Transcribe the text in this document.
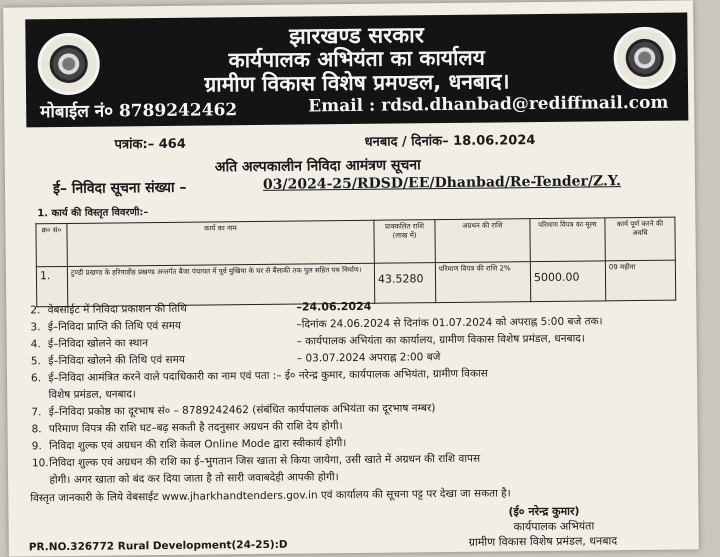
झारखण्ड सरकार
कार्यपालक अभियंता का कार्यालय
ग्रामीण विकास विशेष प्रमण्डल, धनबाद।
मोबाईल नं० 8789242462	Email : rdsd.dhanbad@rediffmail.com
पत्रांक:– 464	धनबाद / दिनांक– 18.06.2024
अति अल्पकालीन निविदा आमंत्रण सूचना
ई– निविदा सूचना संख्या –	03/2024-25/RDSD/EE/Dhanbad/Re-Tender/Z.Y.
1. कार्य की विस्तृत विवरणी:–
क्र० सं०	कार्य का नाम	प्राक्कलित राशि (लाख में)	अग्रधन की राशि	परिमाण विपत्र का मूल्य	कार्य पूर्ण करने की अवधि
1.	टुण्डी प्रखण्ड के हरियाडीह प्रखण्ड अन्तर्गत बैंजा पंचायत में पूर्व मुखिया के घर से बैंसाकी तक पुल सहित पथ निर्माण।	43.5280	परिमाण विपत्र की राशि 2%	5000.00	09 महीना
2. वेबसाईट में निविदा प्रकाशन की तिथि	–24.06.2024
3. ई–निविदा प्राप्ति की तिथि एवं समय	–दिनांक 24.06.2024 से दिनांक 01.07.2024 को अपराह्न 5:00 बजे तक।
4. ई–निविदा खोलने का स्थान	– कार्यपालक अभियंता का कार्यालय, ग्रामीण विकास विशेष प्रमंडल, धनबाद।
5. ई–निविदा खोलने की तिथि एवं समय	– 03.07.2024 अपराह्न 2:00 बजे
6. ई–निविदा आमंत्रित करने वाले पदाधिकारी का नाम एवं पता :– ई० नरेन्द्र कुमार, कार्यपालक अभियंता, ग्रामीण विकास
विशेष प्रमंडल, धनबाद।
7. ई–निविदा प्रकोष्ठ का दूरभाष सं० – 8789242462 (संबंधित कार्यपालक अभियंता का दूरभाष नम्बर)
8. परिमाण विपत्र की राशि घट–बढ़ सकती है तदनुसार अग्रधन की राशि देय होगी।
9. निविदा शुल्क एवं अग्रधन की राशि केवल Online Mode द्वारा स्वीकार्य होगी।
10. निविदा शुल्क एवं अग्रधन की राशि का ई–भुगतान जिस खाता से किया जायेगा, उसी खाते में अग्रधन की राशि वापस
होगी। अगर खाता को बंद कर दिया जाता है तो सारी जवाबदेही आपकी होगी।
विस्तृत जानकारी के लिये वेबसाईट www.jharkhandtenders.gov.in एवं कार्यालय की सूचना पट्ट पर देखा जा सकता है।
(ई० नरेन्द्र कुमार)
कार्यपालक अभियंता
ग्रामीण विकास विशेष प्रमंडल, धनबाद
PR.NO.326772 Rural Development(24-25):D
